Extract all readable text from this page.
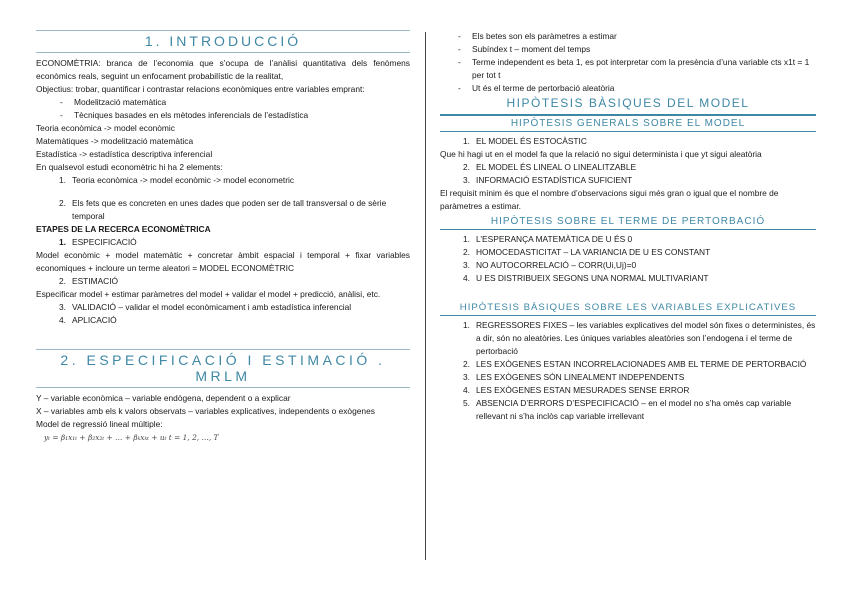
1. INTRODUCCIÓ

ECONOMÈTRIA: branca de l’economia que s’ocupa de l’anàlisi quantitativa dels fenòmens econòmics reals, seguint un enfocament probabilístic de la realitat,

Objectius: trobar, quantificar i contrastar relacions econòmiques entre variables emprant:

- Modelització matemàtica
- Tècniques basades en els mètodes inferencials de l’estadística

Teoria econòmica -> model econòmic

Matemàtiques -> modelització matemàtica

Estadística -> estadística descriptiva inferencial

En qualsevol estudi economètric hi ha 2 elements:

1. Teoria econòmica -> model econòmic -> model econometric
2. Els fets que es concreten en unes dades que poden ser de tall transversal o de sèrie temporal

ETAPES DE LA RECERCA ECONOMÈTRICA

1. ESPECIFICACIÓ

Model econòmic + model matemàtic + concretar àmbit espacial i temporal + fixar variables economiques + incloure un terme aleatori = MODEL ECONOMÈTRIC

2. ESTIMACIÓ

Especificar model + estimar paràmetres del model + validar el model + predicció, anàlisi, etc.

3. VALIDACIÓ – validar el model econòmicament i amb estadística inferencial
4. APLICACIÓ
2. ESPECIFICACIÓ I ESTIMACIÓ . MRLM

Y – variable econòmica – variable endògena, dependent o a explicar

X – variables amb els k valors observats – variables explicatives, independents o exògenes

Model de regressió lineal múltiple:

yₜ = β₁x₁ₜ + β₂x₂ₜ + … + βₖxₖₜ + uₜ t = 1, 2, …, T
- Els betes son els paràmetres a estimar
- Subíndex t – moment del temps
- Terme independent es beta 1, es pot interpretar com la presència d’una variable cts x1t = 1 per tot t
- Ut és el terme de pertorbació aleatòria
HIPÒTESIS BÀSIQUES DEL MODEL
HIPÒTESIS GENERALS SOBRE EL MODEL
1. EL MODEL ÉS ESTOCÀSTIC

Que hi hagi ut en el model fa que la relació no sigui determinista i que yt sigui aleatòria

2. EL MODEL ÉS LINEAL O LINEALITZABLE
3. INFORMACIÓ ESTADÍSTICA SUFICIENT

El requisit mínim és que el nombre d’observacions sigui més gran o igual que el nombre de paràmetres a estimar.

HIPÒTESIS SOBRE EL TERME DE PERTORBACIÓ
1. L’ESPERANÇA MATEMÀTICA DE U ÉS 0
2. HOMOCEDASTICITAT – LA VARIANCIA DE U ES CONSTANT
3. NO AUTOCORRELACIÓ – CORR(Ui,Uj)=0
4. U ES DISTRIBUEIX SEGONS UNA NORMAL MULTIVARIANT
HIPÒTESIS BÀSIQUES SOBRE LES VARIABLES EXPLICATIVES
1. REGRESSORES FIXES – les variables explicatives del model són fixes o deterministes, és a dir, són no aleatòries. Les úniques variables aleatòries son l’endogena i el terme de pertorbació
2. LES EXÒGENES ESTAN INCORRELACIONADES AMB EL TERME DE PERTORBACIÓ
3. LES EXÒGENES SÓN LINEALMENT INDEPENDENTS
4. LES EXÒGENES ESTAN MESURADES SENSE ERROR
5. ABSENCIA D’ERRORS D’ESPECIFICACIÓ – en el model no s’ha omès cap variable rellevant ni s’ha inclòs cap variable irrellevant
